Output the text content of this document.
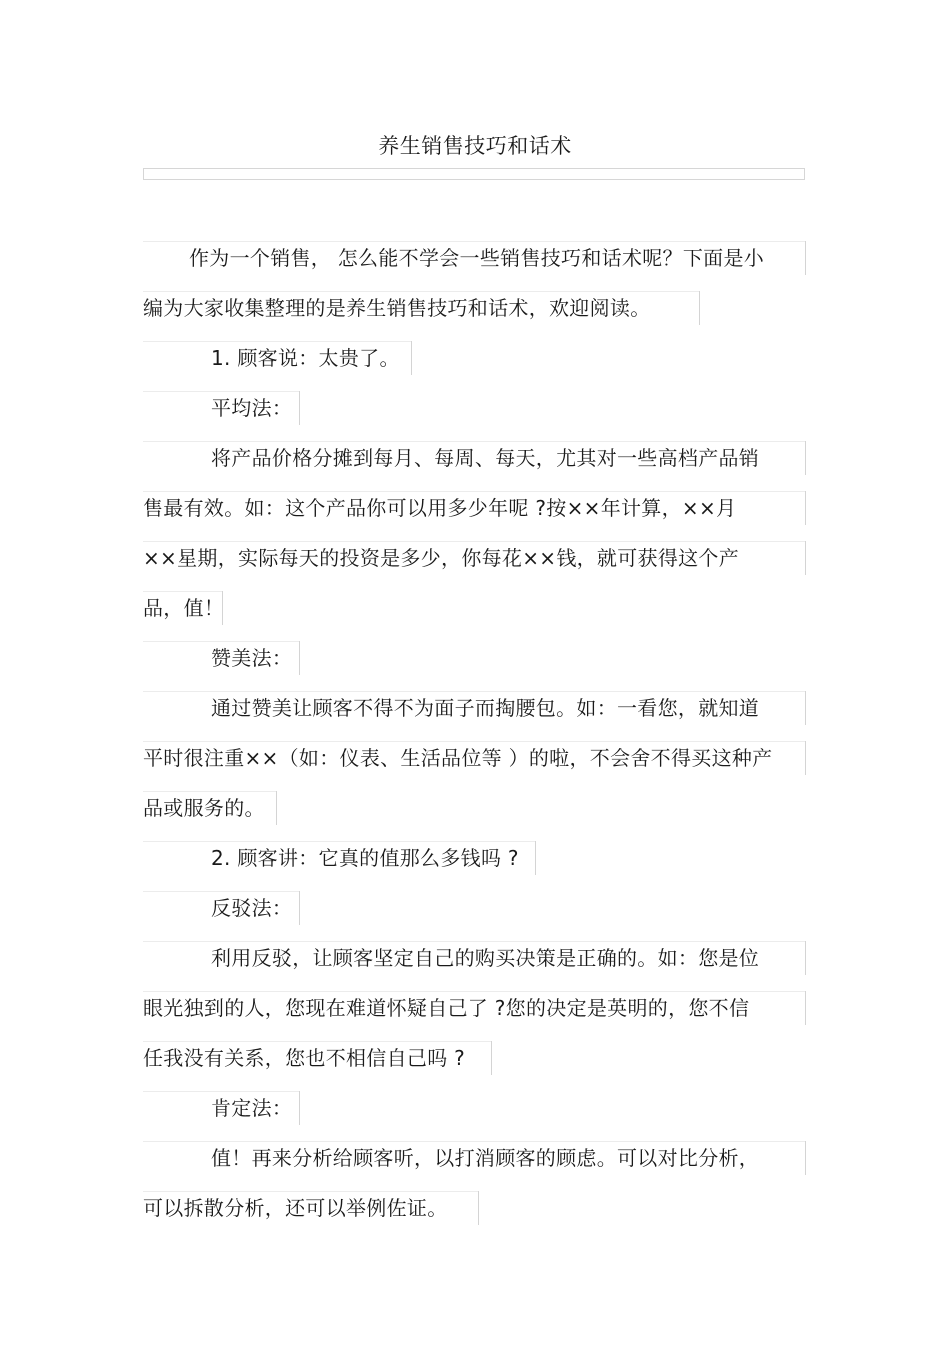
养生销售技巧和话术
作为一个销售， 怎么能不学会一些销售技巧和话术呢？下面是小
编为大家收集整理的是养生销售技巧和话术，欢迎阅读。
1. 顾客说：太贵了。
平均法：
将产品价格分摊到每月、每周、每天，尤其对一些高档产品销
售最有效。如：这个产品你可以用多少年呢 ?按××年计算，××月
××星期，实际每天的投资是多少，你每花××钱，就可获得这个产
品，值！
赞美法：
通过赞美让顾客不得不为面子而掏腰包。如：一看您，就知道
平时很注重××（如：仪表、生活品位等 ）的啦，不会舍不得买这种产
品或服务的。
2. 顾客讲：它真的值那么多钱吗 ?
反驳法：
利用反驳，让顾客坚定自己的购买决策是正确的。如：您是位
眼光独到的人，您现在难道怀疑自己了 ?您的决定是英明的，您不信
任我没有关系，您也不相信自己吗 ?
肯定法：
值！再来分析给顾客听，以打消顾客的顾虑。可以对比分析，
可以拆散分析，还可以举例佐证。
